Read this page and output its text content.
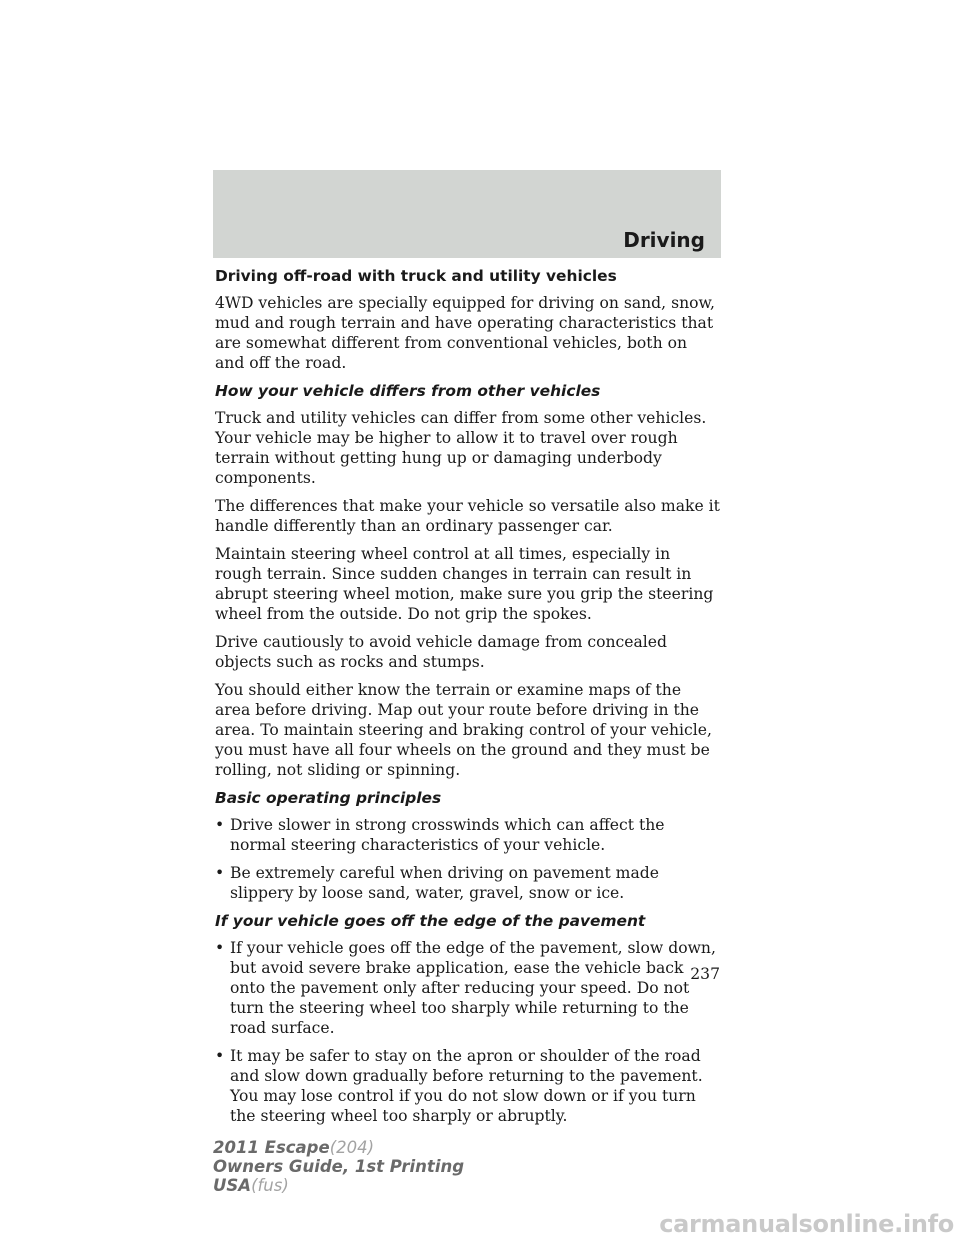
Driving
Driving off-road with truck and utility vehicles

4WD vehicles are specially equipped for driving on sand, snow, mud and rough terrain and have operating characteristics that are somewhat different from conventional vehicles, both on and off the road.

How your vehicle differs from other vehicles

Truck and utility vehicles can differ from some other vehicles. Your vehicle may be higher to allow it to travel over rough terrain without getting hung up or damaging underbody components.

The differences that make your vehicle so versatile also make it handle differently than an ordinary passenger car.

Maintain steering wheel control at all times, especially in rough terrain. Since sudden changes in terrain can result in abrupt steering wheel motion, make sure you grip the steering wheel from the outside. Do not grip the spokes.

Drive cautiously to avoid vehicle damage from concealed objects such as rocks and stumps.

You should either know the terrain or examine maps of the area before driving. Map out your route before driving in the area. To maintain steering and braking control of your vehicle, you must have all four wheels on the ground and they must be rolling, not sliding or spinning.

Basic operating principles
• Drive slower in strong crosswinds which can affect the normal steering characteristics of your vehicle.
• Be extremely careful when driving on pavement made slippery by loose sand, water, gravel, snow or ice.
If your vehicle goes off the edge of the pavement
• If your vehicle goes off the edge of the pavement, slow down, but avoid severe brake application, ease the vehicle back onto the pavement only after reducing your speed. Do not turn the steering wheel too sharply while returning to the road surface.
• It may be safer to stay on the apron or shoulder of the road and slow down gradually before returning to the pavement. You may lose control if you do not slow down or if you turn the steering wheel too sharply or abruptly.
237
2011 Escape(204)
Owners Guide, 1st Printing
USA(fus)
carmanualsonline.info
